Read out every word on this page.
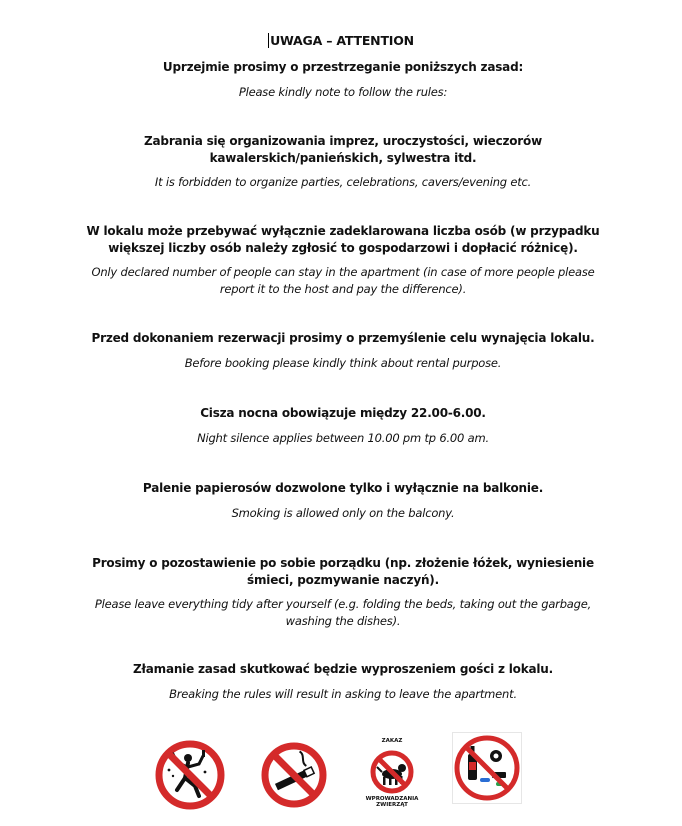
UWAGA – ATTENTION
Uprzejmie prosimy o przestrzeganie poniższych zasad:
Please kindly note to follow the rules:
Zabrania się organizowania imprez, uroczystości, wieczorów kawalerskich/panieńskich, sylwestra itd.
It is forbidden to organize parties, celebrations, cavers/evening etc.
W lokalu może przebywać wyłącznie zadeklarowana liczba osób (w przypadku większej liczby osób należy zgłosić to gospodarzowi i dopłacić różnicę).
Only declared number of people can stay in the apartment (in case of more people please report it to the host and pay the difference).
Przed dokonaniem rezerwacji prosimy o przemyślenie celu wynajęcia lokalu.
Before booking please kindly think about rental purpose.
Cisza nocna obowiązuje między 22.00-6.00.
Night silence applies between 10.00 pm tp 6.00 am.
Palenie papierosów dozwolone tylko i wyłącznie na balkonie.
Smoking is allowed only on the balcony.
Prosimy o pozostawienie po sobie porządku (np. złożenie łóżek, wyniesienie śmieci, pozmywanie naczyń).
Please leave everything tidy after yourself (e.g. folding the beds, taking out the garbage, washing the dishes).
Złamanie zasad skutkować będzie wyproszeniem gości z lokalu.
Breaking the rules will result in asking to leave the apartment.
ZAKAZ
WPROWADZANIA ZWIERZĄT
